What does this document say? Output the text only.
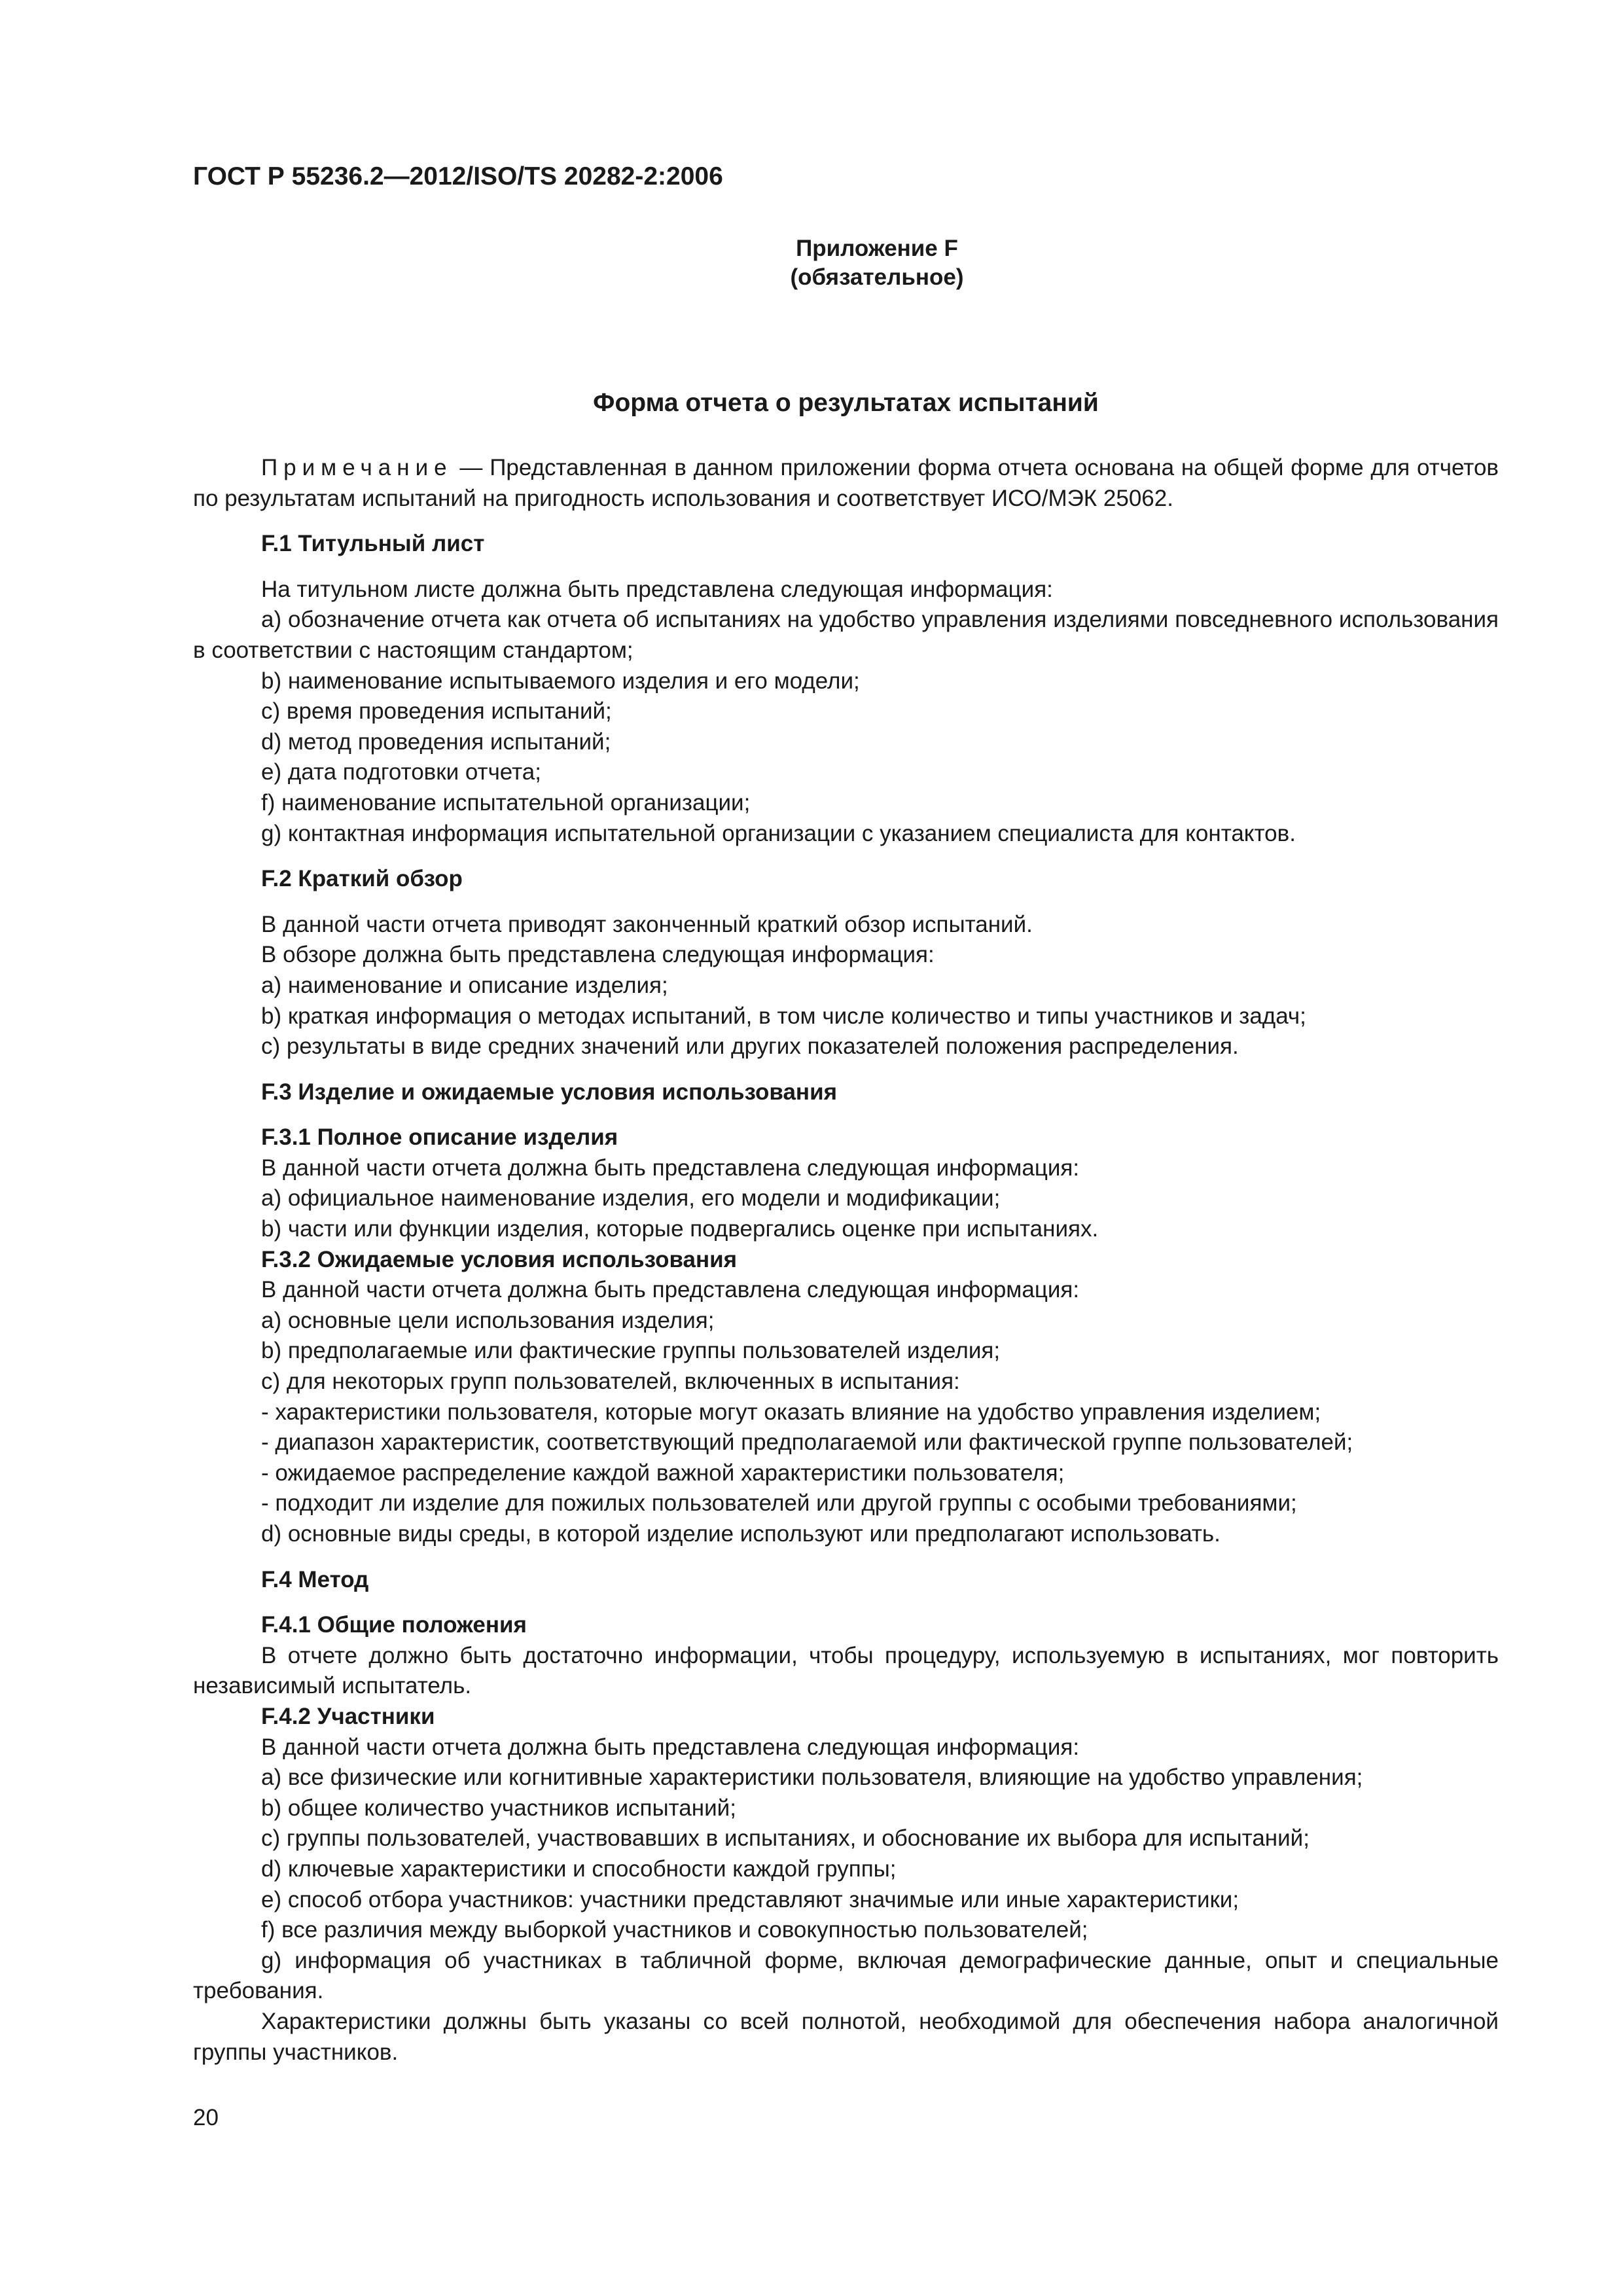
ГОСТ Р 55236.2—2012/ISO/TS 20282-2:2006
Приложение F
(обязательное)
Форма отчета о результатах испытаний

Примечание — Представленная в данном приложении форма отчета основана на общей форме для отчетов по результатам испытаний на пригодность использования и соответствует ИСО/МЭК 25062.

F.1 Титульный лист

На титульном листе должна быть представлена следующая информация:

а) обозначение отчета как отчета об испытаниях на удобство управления изделиями повседневного использования в соответствии с настоящим стандартом;

b) наименование испытываемого изделия и его модели;

c) время проведения испытаний;

d) метод проведения испытаний;

e) дата подготовки отчета;

f) наименование испытательной организации;

g) контактная информация испытательной организации с указанием специалиста для контактов.

F.2 Краткий обзор

В данной части отчета приводят законченный краткий обзор испытаний.

В обзоре должна быть представлена следующая информация:

а) наименование и описание изделия;

b) краткая информация о методах испытаний, в том числе количество и типы участников и задач;

c) результаты в виде средних значений или других показателей положения распределения.

F.3 Изделие и ожидаемые условия использования

F.3.1 Полное описание изделия

В данной части отчета должна быть представлена следующая информация:

а) официальное наименование изделия, его модели и модификации;

b) части или функции изделия, которые подвергались оценке при испытаниях.

F.3.2 Ожидаемые условия использования

В данной части отчета должна быть представлена следующая информация:

а) основные цели использования изделия;

b) предполагаемые или фактические группы пользователей изделия;

c) для некоторых групп пользователей, включенных в испытания:

- характеристики пользователя, которые могут оказать влияние на удобство управления изделием;

- диапазон характеристик, соответствующий предполагаемой или фактической группе пользователей;

- ожидаемое распределение каждой важной характеристики пользователя;

- подходит ли изделие для пожилых пользователей или другой группы с особыми требованиями;

d) основные виды среды, в которой изделие используют или предполагают использовать.

F.4 Метод

F.4.1 Общие положения

В отчете должно быть достаточно информации, чтобы процедуру, используемую в испытаниях, мог повторить независимый испытатель.

F.4.2 Участники

В данной части отчета должна быть представлена следующая информация:

а) все физические или когнитивные характеристики пользователя, влияющие на удобство управления;

b) общее количество участников испытаний;

c) группы пользователей, участвовавших в испытаниях, и обоснование их выбора для испытаний;

d) ключевые характеристики и способности каждой группы;

e) способ отбора участников: участники представляют значимые или иные характеристики;

f) все различия между выборкой участников и совокупностью пользователей;

g) информация об участниках в табличной форме, включая демографические данные, опыт и специальные требования.

Характеристики должны быть указаны со всей полнотой, необходимой для обеспечения набора аналогичной группы участников.

20
